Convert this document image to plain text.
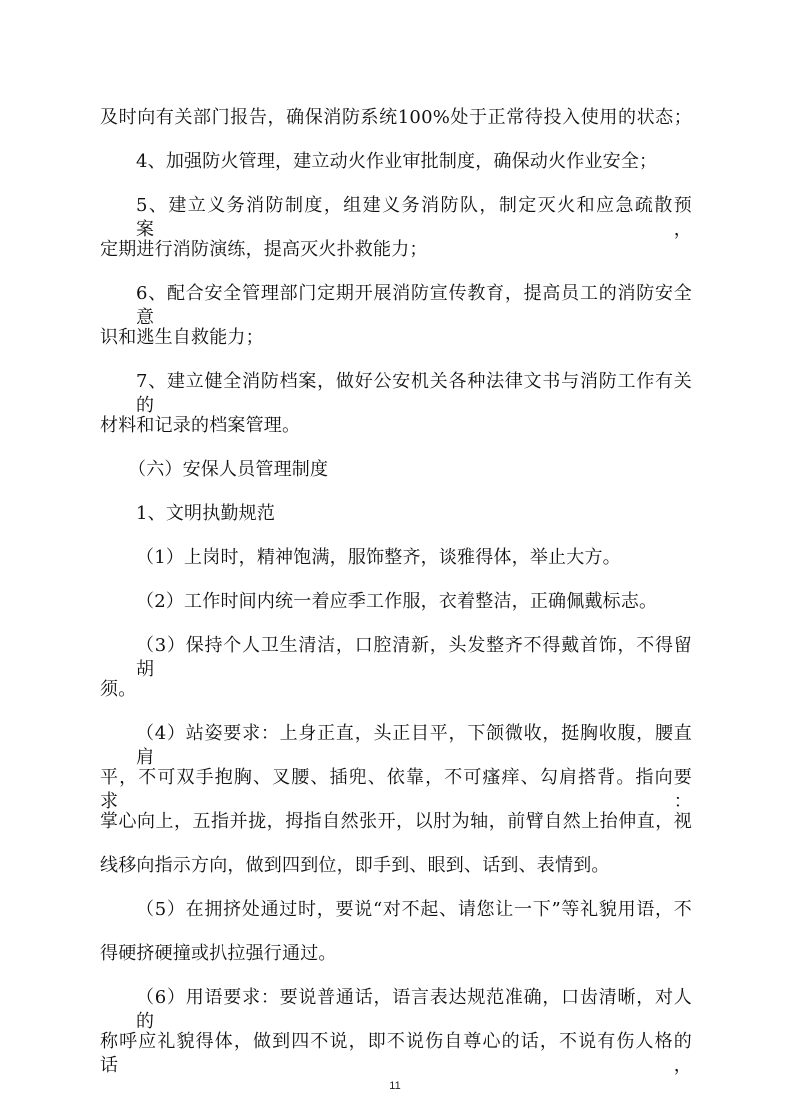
及时向有关部门报告，确保消防系统100%处于正常待投入使用的状态；
4、加强防火管理，建立动火作业审批制度，确保动火作业安全；
5、建立义务消防制度，组建义务消防队，制定灭火和应急疏散预案，
定期进行消防演练，提高灭火扑救能力；
6、配合安全管理部门定期开展消防宣传教育，提高员工的消防安全意
识和逃生自救能力；
7、建立健全消防档案，做好公安机关各种法律文书与消防工作有关的
材料和记录的档案管理。
（六）安保人员管理制度
1、文明执勤规范
（1）上岗时，精神饱满，服饰整齐，谈雅得体，举止大方。
（2）工作时间内统一着应季工作服，衣着整洁，正确佩戴标志。
（3）保持个人卫生清洁，口腔清新，头发整齐不得戴首饰，不得留胡
须。
（4）站姿要求：上身正直，头正目平，下颌微收，挺胸收腹，腰直肩
平，不可双手抱胸、叉腰、插兜、依靠，不可瘙痒、勾肩搭背。指向要求：
掌心向上，五指并拢，拇指自然张开，以肘为轴，前臂自然上抬伸直，视
线移向指示方向，做到四到位，即手到、眼到、话到、表情到。
（5）在拥挤处通过时，要说“对不起、请您让一下”等礼貌用语，不
得硬挤硬撞或扒拉强行通过。
（6）用语要求：要说普通话，语言表达规范准确，口齿清晰，对人的
称呼应礼貌得体，做到四不说，即不说伤自尊心的话，不说有伤人格的话，
11
